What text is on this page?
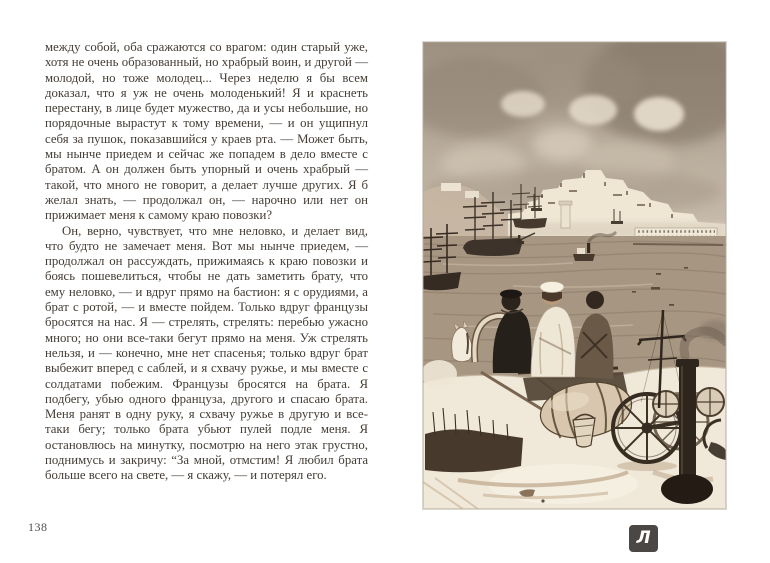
между собой, оба сражаются со врагом: один старый уже, хотя не очень образованный, но храбрый воин, и другой — молодой, но тоже молодец... Через неделю я бы всем доказал, что я уж не очень молоденький! Я и краснеть перестану, в лице будет мужество, да и усы небольшие, но порядочные вырастут к тому времени, — и он ущипнул себя за пушок, показавшийся у краев рта. — Может быть, мы нынче приедем и сейчас же попадем в дело вместе с братом. А он должен быть упорный и очень храбрый — такой, что много не говорит, а делает лучше других. Я б желал знать, — продолжал он, — нарочно или нет он прижимает меня к самому краю повозки?

Он, верно, чувствует, что мне неловко, и делает вид, что будто не замечает меня. Вот мы нынче приедем, — продолжал он рассуждать, прижимаясь к краю повозки и боясь пошевелиться, чтобы не дать заметить брату, что ему неловко, — и вдруг прямо на бастион: я с орудиями, а брат с ротой, — и вместе пойдем. Только вдруг французы бросятся на нас. Я — стрелять, стрелять: перебью ужасно много; но они все-таки бегут прямо на меня. Уж стрелять нельзя, и — конечно, мне нет спасенья; только вдруг брат выбежит вперед с саблей, и я схвачу ружье, и мы вместе с солдатами побежим. Французы бросятся на брата. Я подбегу, убью одного француза, другого и спасаю брата. Меня ранят в одну руку, я схвачу ружье в другую и все-таки бегу; только брата убьют пулей подле меня. Я остановлюсь на минутку, посмотрю на него этак грустно, поднимусь и закричу: “За мной, отмстим! Я любил брата больше всего на свете, — я скажу, — и потерял его.

138
Л
